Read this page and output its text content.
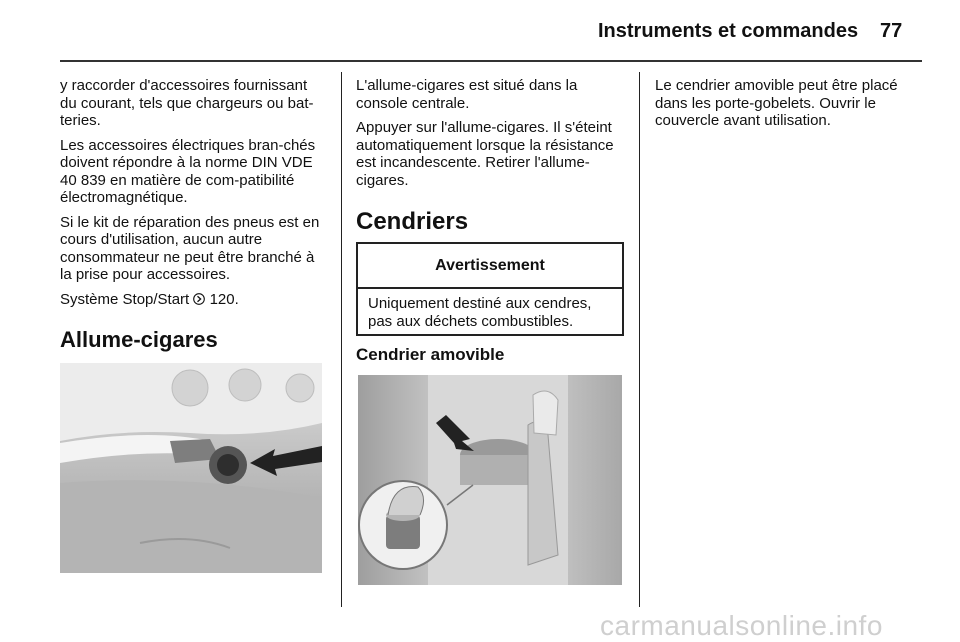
Instruments et commandes 77

y raccorder d'accessoires fournissant du courant, tels que chargeurs ou bat-teries.

Les accessoires électriques bran-chés doivent répondre à la norme DIN VDE 40 839 en matière de com-patibilité électromagnétique.

Si le kit de réparation des pneus est en cours d'utilisation, aucun autre consommateur ne peut être branché à la prise pour accessoires.

Système Stop/Start 120.

Allume-cigares

L'allume-cigares est situé dans la console centrale.

Appuyer sur l'allume-cigares. Il s'éteint automatiquement lorsque la résistance est incandescente. Retirer l'allume-cigares.

Cendriers
Avertissement
Uniquement destiné aux cendres, pas aux déchets combustibles.
Cendrier amovible

Le cendrier amovible peut être placé dans les porte-gobelets. Ouvrir le couvercle avant utilisation.

carmanualsonline.info
